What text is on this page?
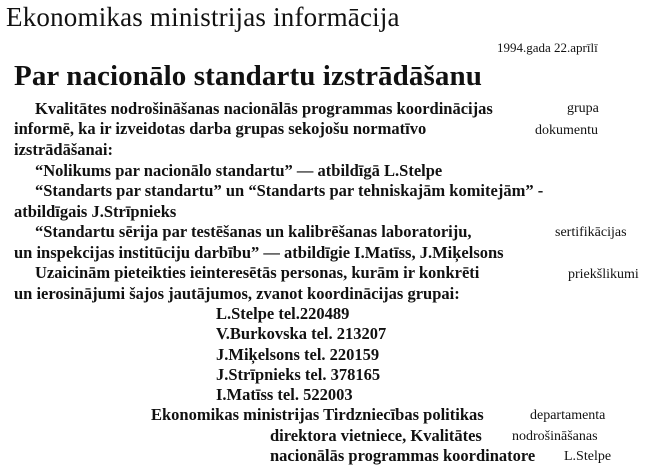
Ekonomikas ministrijas informācija
1994.gada 22.aprīlī
Par nacionālo standartu izstrādāšanu
Kvalitātes nodrošināšanas nacionālās programmas koordinācijas	grupa
informē, ka ir izveidotas darba grupas sekojošu normatīvo	dokumentu
izstrādāšanai:
“Nolikums par nacionālo standartu” — atbildīgā L.Stelpe
“Standarts par standartu” un “Standarts par tehniskajām komitejām” -
atbildīgais J.Strīpnieks
“Standartu sērija par testēšanas un kalibrēšanas laboratoriju,	sertifikācijas
un inspekcijas institūciju darbību” — atbildīgie I.Matīss, J.Miķelsons
Uzaicinām pieteikties ieinteresētās personas, kurām ir konkrēti	priekšlikumi
un ierosinājumi šajos jautājumos, zvanot koordinācijas grupai:
L.Stelpe tel.220489
V.Burkovska tel. 213207
J.Miķelsons tel. 220159
J.Strīpnieks tel. 378165
I.Matīss tel. 522003
Ekonomikas ministrijas Tirdzniecības politikas	departamenta
direktora vietniece, Kvalitātes nodrošināšanas
nacionālās programmas koordinatore L.Stelpe
